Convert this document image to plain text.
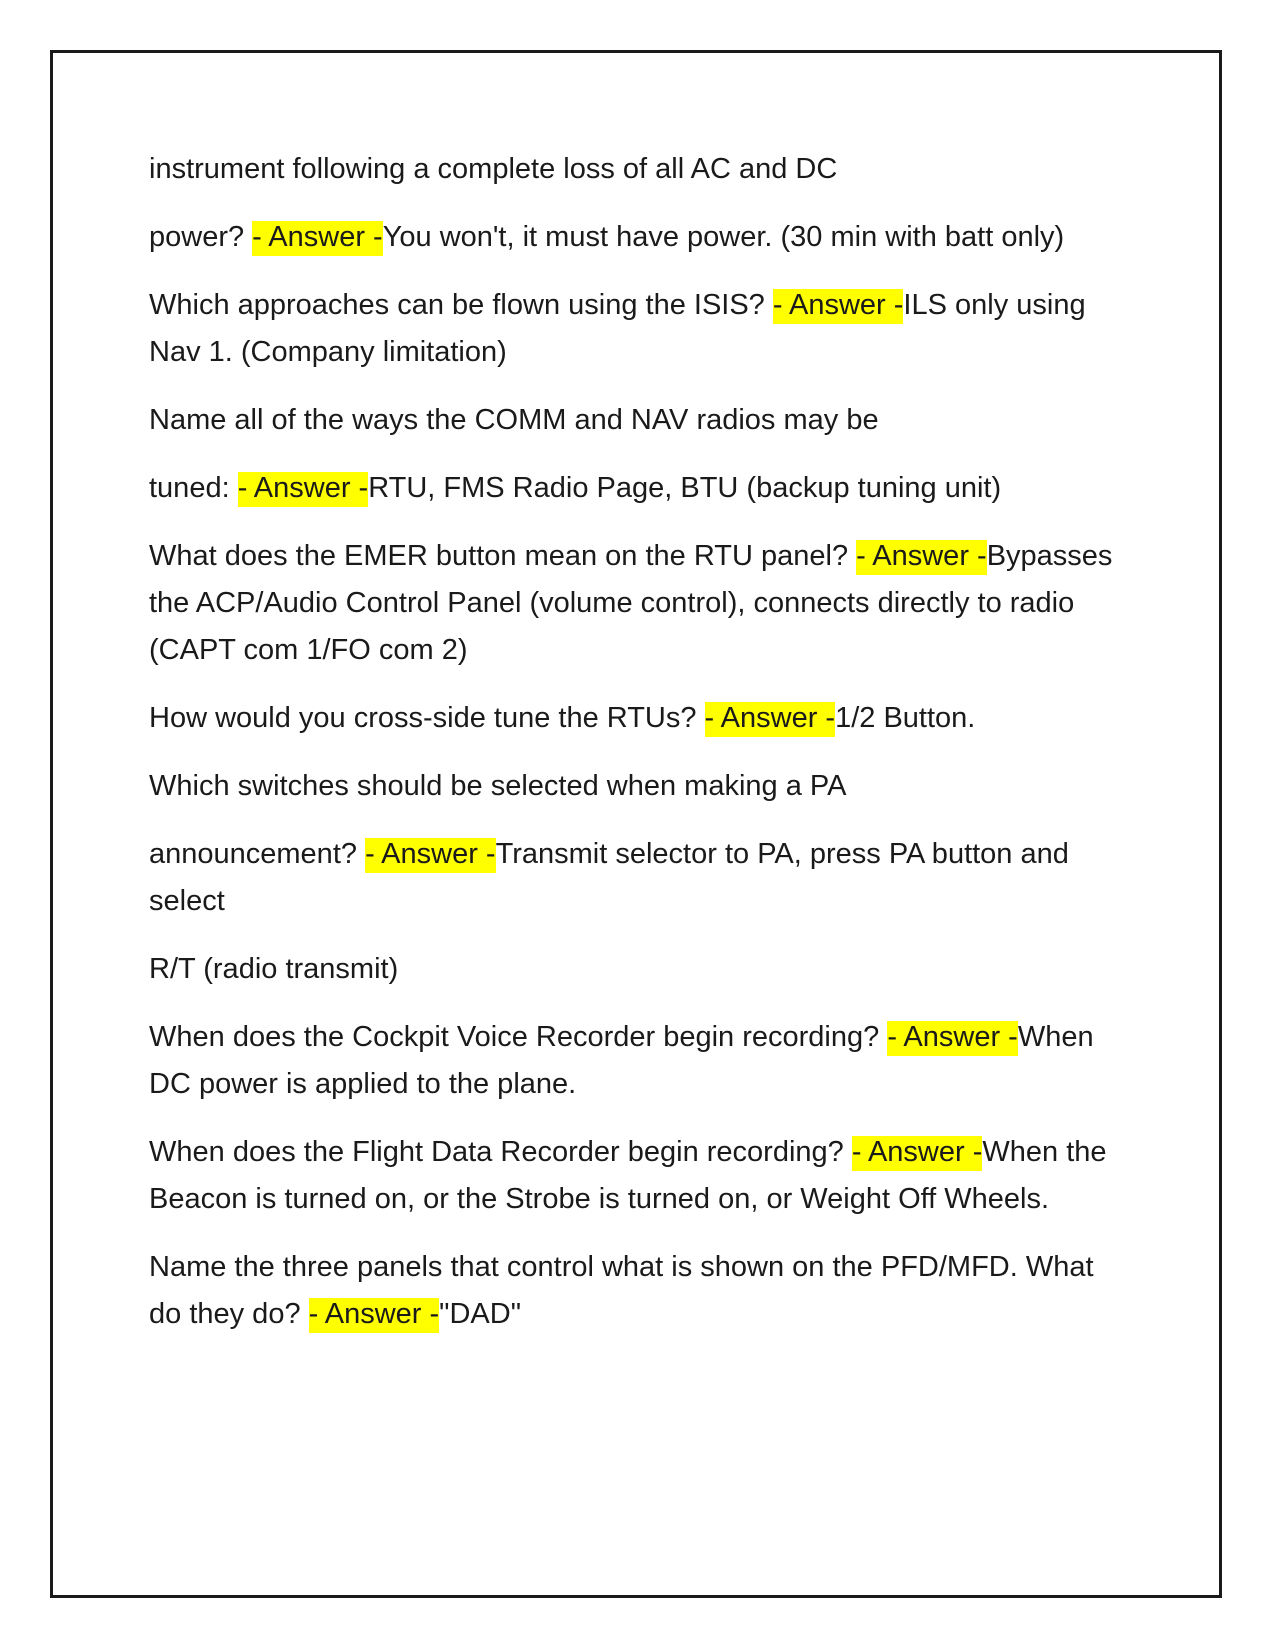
instrument following a complete loss of all AC and DC

power? - Answer -You won't, it must have power. (30 min with batt only)

Which approaches can be flown using the ISIS? - Answer -ILS only using Nav 1. (Company limitation)

Name all of the ways the COMM and NAV radios may be

tuned: - Answer -RTU, FMS Radio Page, BTU (backup tuning unit)

What does the EMER button mean on the RTU panel? - Answer -Bypasses the ACP/Audio Control Panel (volume control), connects directly to radio (CAPT com 1/FO com 2)

How would you cross-side tune the RTUs? - Answer -1/2 Button.

Which switches should be selected when making a PA

announcement? - Answer -Transmit selector to PA, press PA button and select

R/T (radio transmit)

When does the Cockpit Voice Recorder begin recording? - Answer -When DC power is applied to the plane.

When does the Flight Data Recorder begin recording? - Answer -When the Beacon is turned on, or the Strobe is turned on, or Weight Off Wheels.

Name the three panels that control what is shown on the PFD/MFD. What do they do? - Answer -"DAD"
